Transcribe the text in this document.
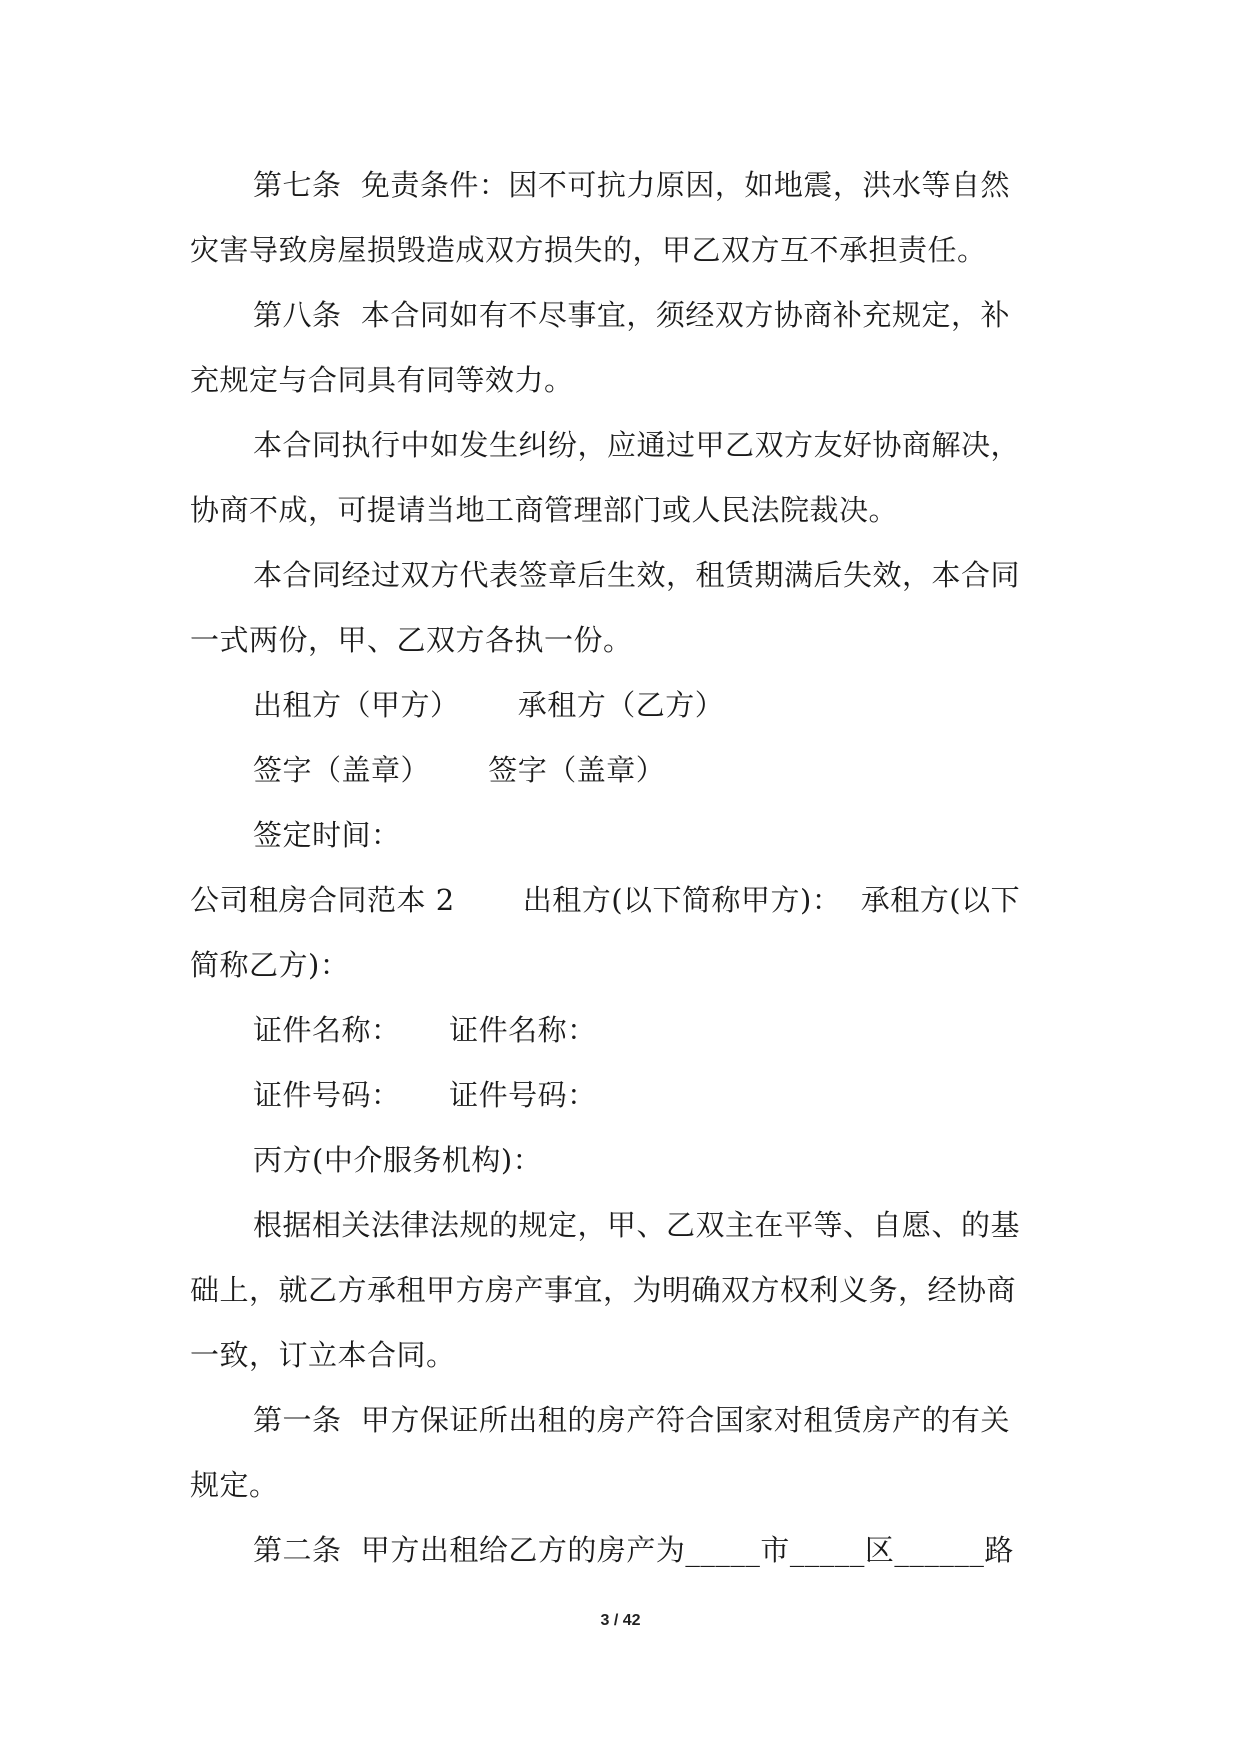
第七条  免责条件：因不可抗力原因，如地震，洪水等自然
灾害导致房屋损毁造成双方损失的，甲乙双方互不承担责任。
第八条  本合同如有不尽事宜，须经双方协商补充规定，补
充规定与合同具有同等效力。
本合同执行中如发生纠纷，应通过甲乙双方友好协商解决，
协商不成，可提请当地工商管理部门或人民法院裁决。
本合同经过双方代表签章后生效，租赁期满后失效，本合同
一式两份，甲、乙双方各执一份。
出租方（甲方）      承租方（乙方）
签字（盖章）      签字（盖章）
签定时间：
公司租房合同范本 2       出租方(以下简称甲方)：  承租方(以下
简称乙方)：
证件名称：     证件名称：
证件号码：     证件号码：
丙方(中介服务机构)：
根据相关法律法规的规定，甲、乙双主在平等、自愿、的基
础上，就乙方承租甲方房产事宜，为明确双方权利义务，经协商
一致，订立本合同。
第一条  甲方保证所出租的房产符合国家对租赁房产的有关
规定。
第二条  甲方出租给乙方的房产为_____市_____区______路
3 / 42
